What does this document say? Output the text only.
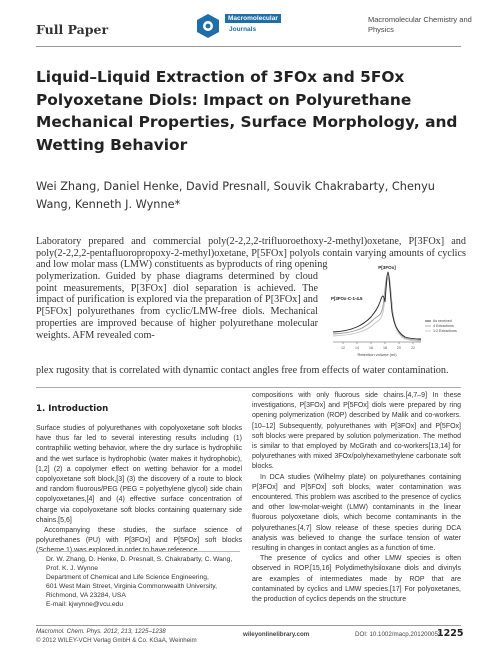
Full Paper
Macromolecular
Journals
Macromolecular Chemistry and Physics
Liquid–Liquid Extraction of 3FOx and 5FOx Polyoxetane Diols: Impact on Polyurethane Mechanical Properties, Surface Morphology, and Wetting Behavior
Wei Zhang, Daniel Henke, David Presnall, Souvik Chakrabarty, Chenyu Wang, Kenneth J. Wynne*
Laboratory prepared and commercial poly(2-2,2,2-trifluoroethoxy-2-methyl)oxetane, P[3FOx] and poly(2-2,2,2-pentafluoropropoxy-2-methyl)oxetane, P[5FOx] polyols contain varying amounts of cyclics and low molar mass (LMW) constituents as byproducts of ring opening
polymerization. Guided by phase diagrams determined by cloud point measurements, P[3FOx] diol separation is achieved. The impact of purification is explored via the preparation of P[3FOx] and P[5FOx] polyurethanes from cyclic/LMW-free diols. Mechanical properties are improved because of higher polyurethane molecular weights. AFM revealed com-
plex rugosity that is correlated with dynamic contact angles free from effects of water contamination.
12	14	16	18	20	22
Retention volume (ml)
P[3FOx]
P[3FOx-C-1-4.5
As received
4 Extractions
1:2 Extractions
1. Introduction

Surface studies of polyurethanes with copolyoxetane soft blocks have thus far led to several interesting results including (1) contraphilic wetting behavior, where the dry surface is hydrophilic and the wet surface is hydrophobic (water makes it hydrophobic),[1,2] (2) a copolymer effect on wetting behavior for a model copolyoxetane soft block,[3] (3) the discovery of a route to block and random fluorous/PEG (PEG = polyethylene glycol) side chain copolyoxetanes,[4] and (4) effective surface concentration of charge via copolyoxetane soft blocks containing quaternary side chains.[5,6]

Accompanying these studies, the surface science of polyurethanes (PU) with P[3FOx] and P[5FOx] soft blocks (Scheme 1) was explored in order to have reference

Dr. W. Zhang, D. Henke, D. Presnall, S. Chakrabarty, C. Wang, Prof. K. J. Wynne
Department of Chemical and Life Science Engineering,
601 West Main Street, Virginia Commonwealth University,
Richmond, VA 23284, USA
E-mail: kjwynne@vcu.edu

compositions with only fluorous side chains.[4,7–9] In these investigations, P[3FOx] and P[5FOx] diols were prepared by ring opening polymerization (ROP) described by Malik and co-workers.[10–12] Subsequently, polyurethanes with P[3FOx] and P[5FOx] soft blocks were prepared by solution polymerization. The method is similar to that employed by McGrath and co-workers[13,14] for polyurethanes with mixed 3FOx/polyhexamethylene carbonate soft blocks.

In DCA studies (Wilhelmy plate) on polyurethanes containing P[3FOx] and P[5FOx] soft blocks, water contamination was encountered. This problem was ascribed to the presence of cyclics and other low-molar-weight (LMW) contaminants in the linear fluorous polyoxetane diols, which become contaminants in the polyurethanes.[4,7] Slow release of these species during DCA analysis was believed to change the surface tension of water resulting in changes in contact angles as a function of time.

The presence of cyclics and other LMW species is often observed in ROP.[15,16] Polydimethylsiloxane diols and divinyls are examples of intermediates made by ROP that are contaminated by cyclics and LMW species.[17] For polyoxetanes, the production of cyclics depends on the structure

Macromol. Chem. Phys. 2012, 213, 1225–1238
© 2012 WILEY-VCH Verlag GmbH & Co. KGaA, Weinheim
wileyonlinelibrary.com	DOI: 10.1002/macp.201200053
1225
